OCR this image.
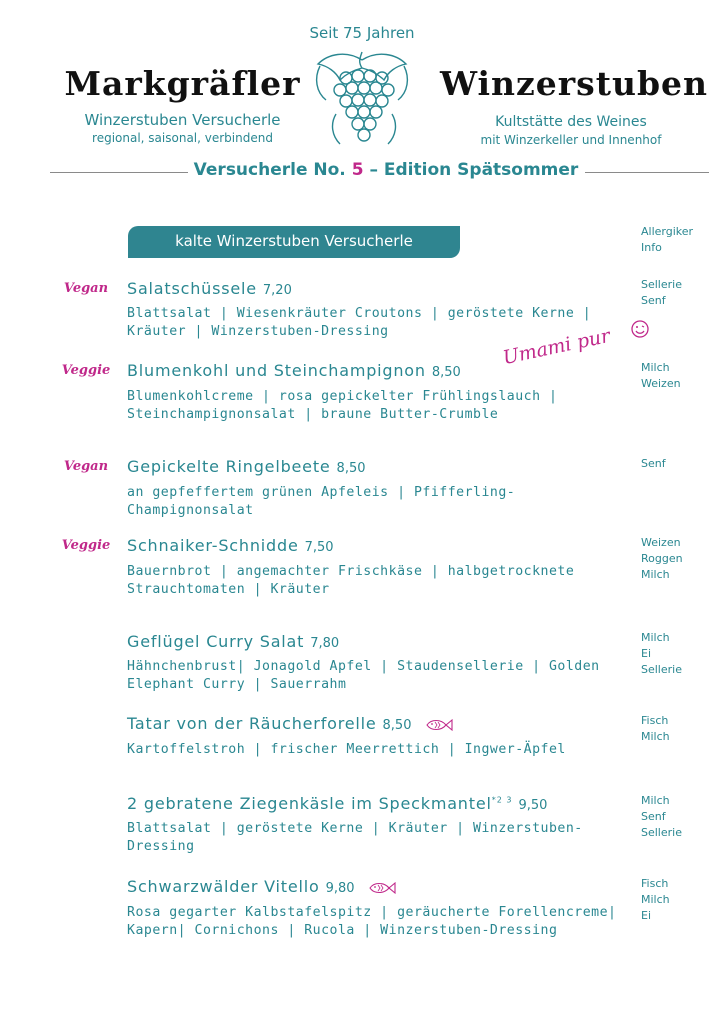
Seit 75 Jahren
Markgräfler	Winzerstuben
Winzerstuben Versucherle
regional, saisonal, verbindend
Kultstätte des Weines
mit Winzerkeller und Innenhof
Versucherle No. 5 – Edition Spätsommer
kalte Winzerstuben Versucherle
Allergiker
Info
Umami pur
Vegan	Salatschüssele 7,20
Blattsalat | Wiesenkräuter Croutons | geröstete Kerne | Kräuter | Winzerstuben-Dressing
Sellerie
Senf
Veggie	Blumenkohl und Steinchampignon 8,50
Blumenkohlcreme | rosa gepickelter Frühlingslauch | Steinchampignonsalat | braune Butter-Crumble
Milch
Weizen
Vegan	Gepickelte Ringelbeete 8,50
an gepfeffertem grünen Apfeleis | Pfifferling-Champignonsalat
Senf
Veggie	Schnaiker-Schnidde 7,50
Bauernbrot | angemachter Frischkäse | halbgetrocknete Strauchtomaten | Kräuter
Weizen
Roggen
Milch
Geflügel Curry Salat 7,80
Hähnchenbrust| Jonagold Apfel | Staudensellerie | Golden Elephant Curry | Sauerrahm
Milch
Ei
Sellerie
Tatar von der Räucherforelle 8,50
Kartoffelstroh | frischer Meerrettich | Ingwer-Äpfel
Fisch
Milch
2 gebratene Ziegenkäsle im Speckmantel$^{*2 3}$ 9,50
Blattsalat | geröstete Kerne | Kräuter | Winzerstuben-Dressing
Milch
Senf
Sellerie
Schwarzwälder Vitello 9,80
Rosa gegarter Kalbstafelspitz | geräucherte Forellencreme| Kapern| Cornichons | Rucola | Winzerstuben-Dressing
Fisch
Milch
Ei
